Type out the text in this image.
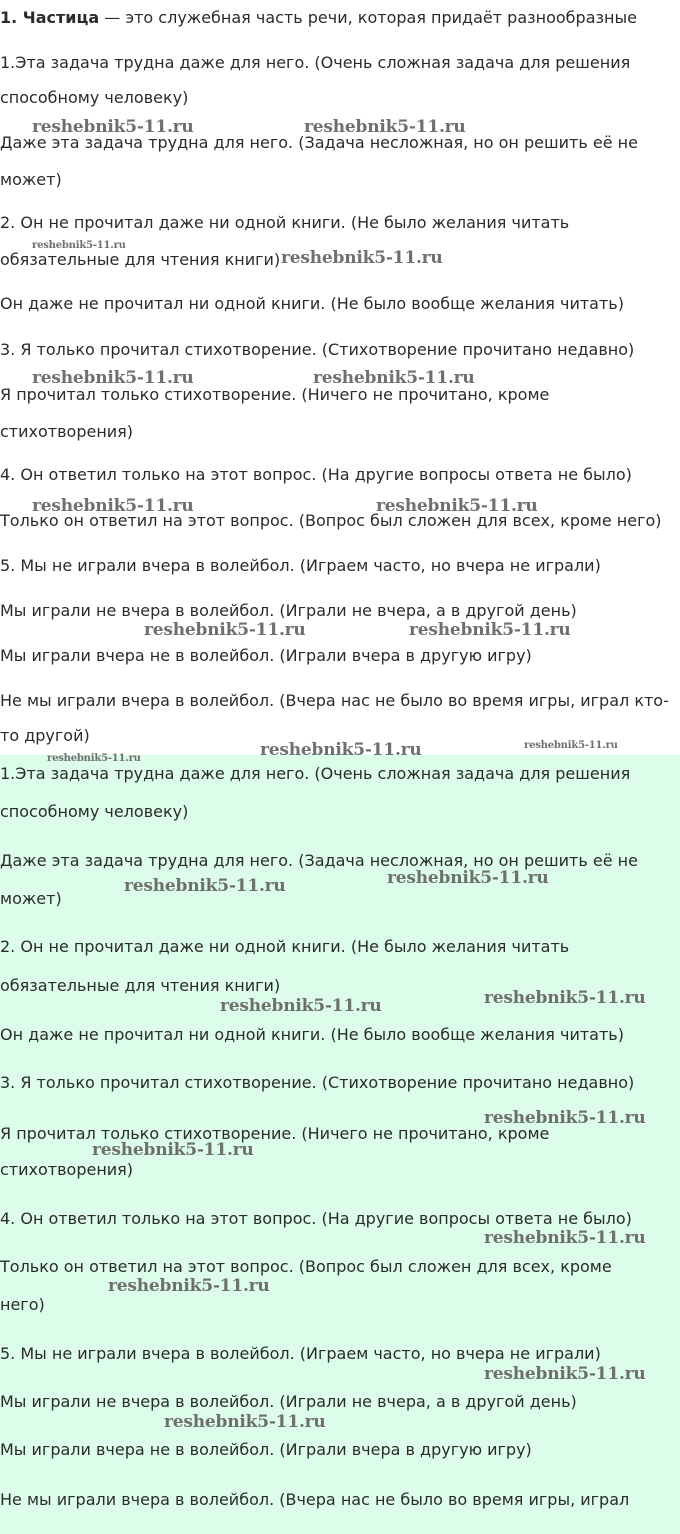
1. Частица — это служебная часть речи, которая придаёт разнообразные

1.Эта задача трудна даже для него. (Очень сложная задача для решения

способному человеку)

Даже эта задача трудна для него. (Задача несложная, но он решить её не

может)

2. Он не прочитал даже ни одной книги. (Не было желания читать

обязательные для чтения книги)

Он даже не прочитал ни одной книги. (Не было вообще желания читать)

3. Я только прочитал стихотворение. (Стихотворение прочитано недавно)

Я прочитал только стихотворение. (Ничего не прочитано, кроме

стихотворения)

4. Он ответил только на этот вопрос. (На другие вопросы ответа не было)

Только он ответил на этот вопрос. (Вопрос был сложен для всех, кроме него)

5. Мы не играли вчера в волейбол. (Играем часто, но вчера не играли)

Мы играли не вчера в волейбол. (Играли не вчера, а в другой день)

Мы играли вчера не в волейбол. (Играли вчера в другую игру)

Не мы играли вчера в волейбол. (Вчера нас не было во время игры, играл кто-

то другой)

1.Эта задача трудна даже для него. (Очень сложная задача для решения

способному человеку)

Даже эта задача трудна для него. (Задача несложная, но он решить её не

может)

2. Он не прочитал даже ни одной книги. (Не было желания читать

обязательные для чтения книги)

Он даже не прочитал ни одной книги. (Не было вообще желания читать)

3. Я только прочитал стихотворение. (Стихотворение прочитано недавно)

Я прочитал только стихотворение. (Ничего не прочитано, кроме

стихотворения)

4. Он ответил только на этот вопрос. (На другие вопросы ответа не было)

Только он ответил на этот вопрос. (Вопрос был сложен для всех, кроме

него)

5. Мы не играли вчера в волейбол. (Играем часто, но вчера не играли)

Мы играли не вчера в волейбол. (Играли не вчера, а в другой день)

Мы играли вчера не в волейбол. (Играли вчера в другую игру)

Не мы играли вчера в волейбол. (Вчера нас не было во время игры, играл

reshebnik5-11.ru	reshebnik5-11.ru
reshebnik5-11.ru
reshebnik5-11.ru
reshebnik5-11.ru	reshebnik5-11.ru
reshebnik5-11.ru	reshebnik5-11.ru
reshebnik5-11.ru	reshebnik5-11.ru
reshebnik5-11.ru	reshebnik5-11.ru	reshebnik5-11.ru
reshebnik5-11.ru	reshebnik5-11.ru
reshebnik5-11.ru	reshebnik5-11.ru
reshebnik5-11.ru
reshebnik5-11.ru
reshebnik5-11.ru
reshebnik5-11.ru
reshebnik5-11.ru
reshebnik5-11.ru
